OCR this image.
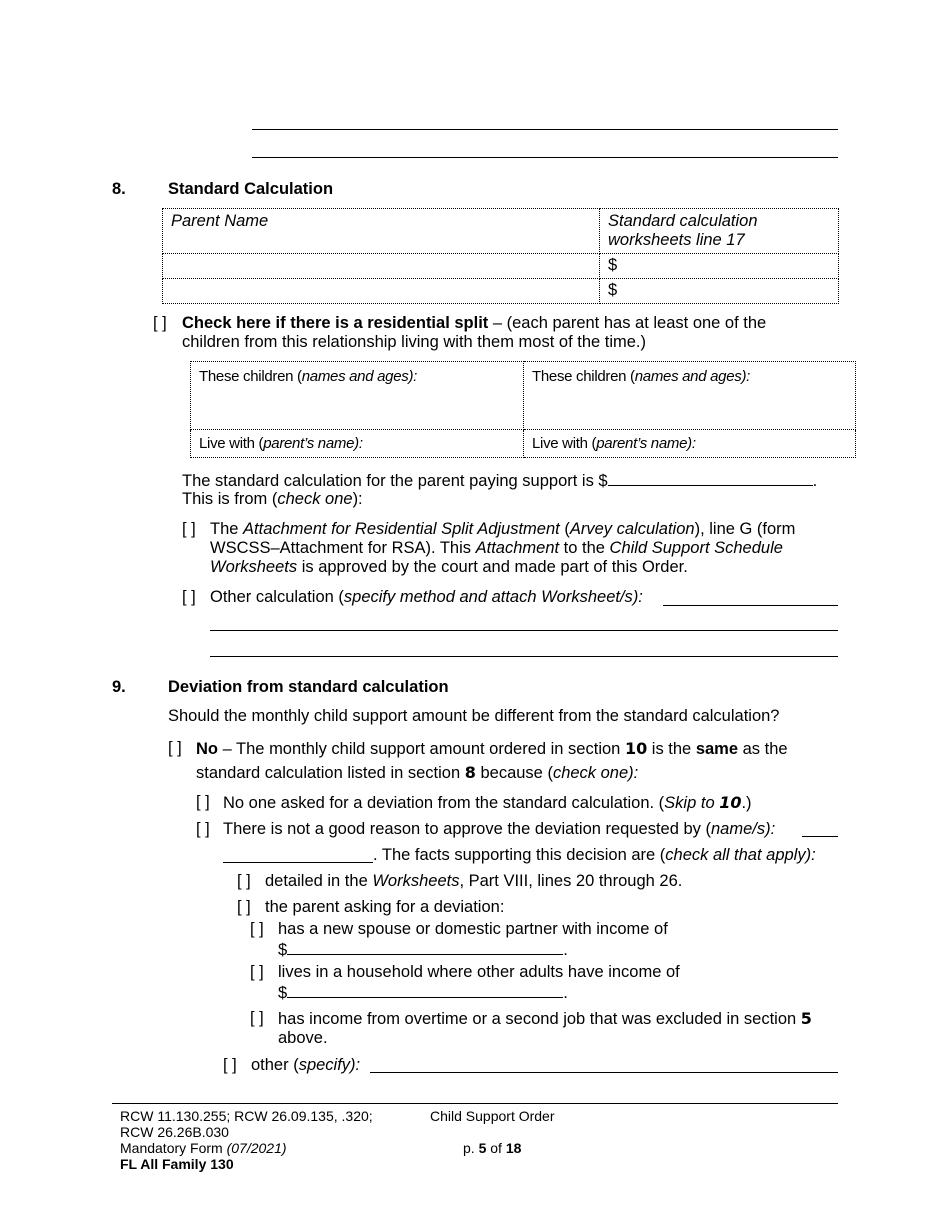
8.	Standard Calculation
Parent Name	Standard calculation
worksheets line 17
	$
	$
[ ] Check here if there is a residential split – (each parent has at least one of the
children from this relationship living with them most of the time.)
These children (names and ages):	These children (names and ages):
Live with (parent’s name):	Live with (parent’s name):
The standard calculation for the parent paying support is $	.
This is from (check one):
[ ] The Attachment for Residential Split Adjustment (Arvey calculation), line G (form
WSCSS–Attachment for RSA). This Attachment to the Child Support Schedule
Worksheets is approved by the court and made part of this Order.
[ ] Other calculation (specify method and attach Worksheet/s):
9.	Deviation from standard calculation
Should the monthly child support amount be different from the standard calculation?
[ ] No – The monthly child support amount ordered in section 10 is the same as the
standard calculation listed in section 8 because (check one):
[ ] No one asked for a deviation from the standard calculation. (Skip to 10.)
[ ] There is not a good reason to approve the deviation requested by (name/s):
. The facts supporting this decision are (check all that apply):
[ ] detailed in the Worksheets, Part VIII, lines 20 through 26.
[ ] the parent asking for a deviation:
[ ] has a new spouse or domestic partner with income of
$	.
[ ] lives in a household where other adults have income of
$	.
[ ] has income from overtime or a second job that was excluded in section 5
above.
[ ] other (specify):
RCW 11.130.255; RCW 26.09.135, .320;
RCW 26.26B.030
Mandatory Form (07/2021)
FL All Family 130
Child Support Order
p. 5 of 18
